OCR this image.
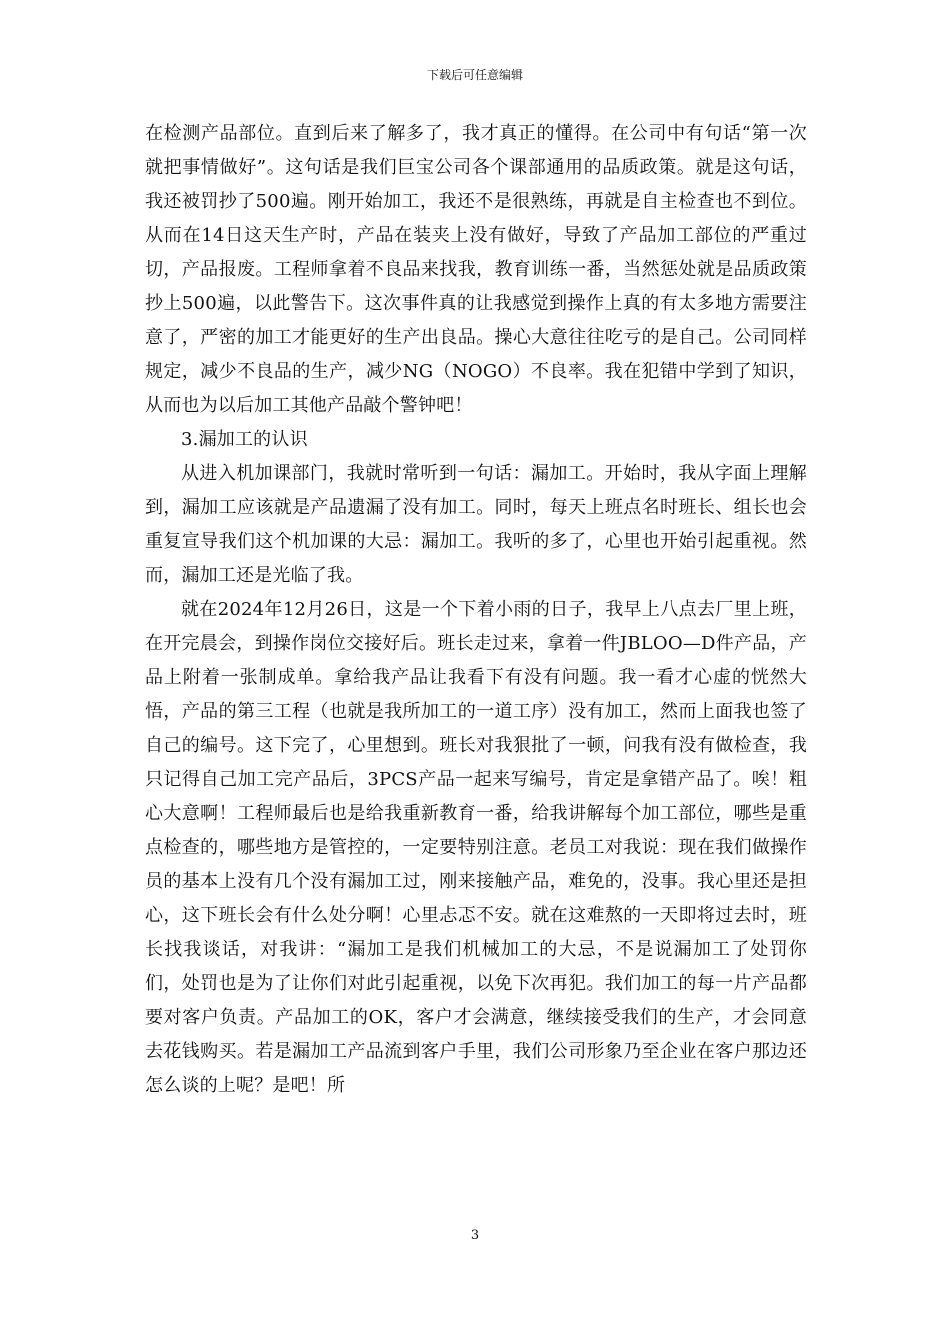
下载后可任意编辑

在检测产品部位。直到后来了解多了，我才真正的懂得。在公司中有句话“第一次就把事情做好”。这句话是我们巨宝公司各个课部通用的品质政策。就是这句话，我还被罚抄了500遍。刚开始加工，我还不是很熟练，再就是自主检查也不到位。从而在14日这天生产时，产品在装夹上没有做好，导致了产品加工部位的严重过切，产品报废。工程师拿着不良品来找我，教育训练一番，当然惩处就是品质政策抄上500遍，以此警告下。这次事件真的让我感觉到操作上真的有太多地方需要注意了，严密的加工才能更好的生产出良品。操心大意往往吃亏的是自己。公司同样规定，减少不良品的生产，减少NG（NOGO）不良率。我在犯错中学到了知识，从而也为以后加工其他产品敲个警钟吧！

3.漏加工的认识

从进入机加课部门，我就时常听到一句话：漏加工。开始时，我从字面上理解到，漏加工应该就是产品遗漏了没有加工。同时，每天上班点名时班长、组长也会重复宣导我们这个机加课的大忌：漏加工。我听的多了，心里也开始引起重视。然而，漏加工还是光临了我。

就在2024年12月26日，这是一个下着小雨的日子，我早上八点去厂里上班，在开完晨会，到操作岗位交接好后。班长走过来，拿着一件JBLOO—D件产品，产品上附着一张制成单。拿给我产品让我看下有没有问题。我一看才心虚的恍然大悟，产品的第三工程（也就是我所加工的一道工序）没有加工，然而上面我也签了自己的编号。这下完了，心里想到。班长对我狠批了一顿，问我有没有做检查，我只记得自己加工完产品后，3PCS产品一起来写编号，肯定是拿错产品了。唉！粗心大意啊！工程师最后也是给我重新教育一番，给我讲解每个加工部位，哪些是重点检查的，哪些地方是管控的，一定要特别注意。老员工对我说：现在我们做操作员的基本上没有几个没有漏加工过，刚来接触产品，难免的，没事。我心里还是担心，这下班长会有什么处分啊！心里忐忑不安。就在这难熬的一天即将过去时，班长找我谈话，对我讲：“漏加工是我们机械加工的大忌，不是说漏加工了处罚你们，处罚也是为了让你们对此引起重视，以免下次再犯。我们加工的每一片产品都要对客户负责。产品加工的OK，客户才会满意，继续接受我们的生产，才会同意去花钱购买。若是漏加工产品流到客户手里，我们公司形象乃至企业在客户那边还怎么谈的上呢？是吧！所

3
